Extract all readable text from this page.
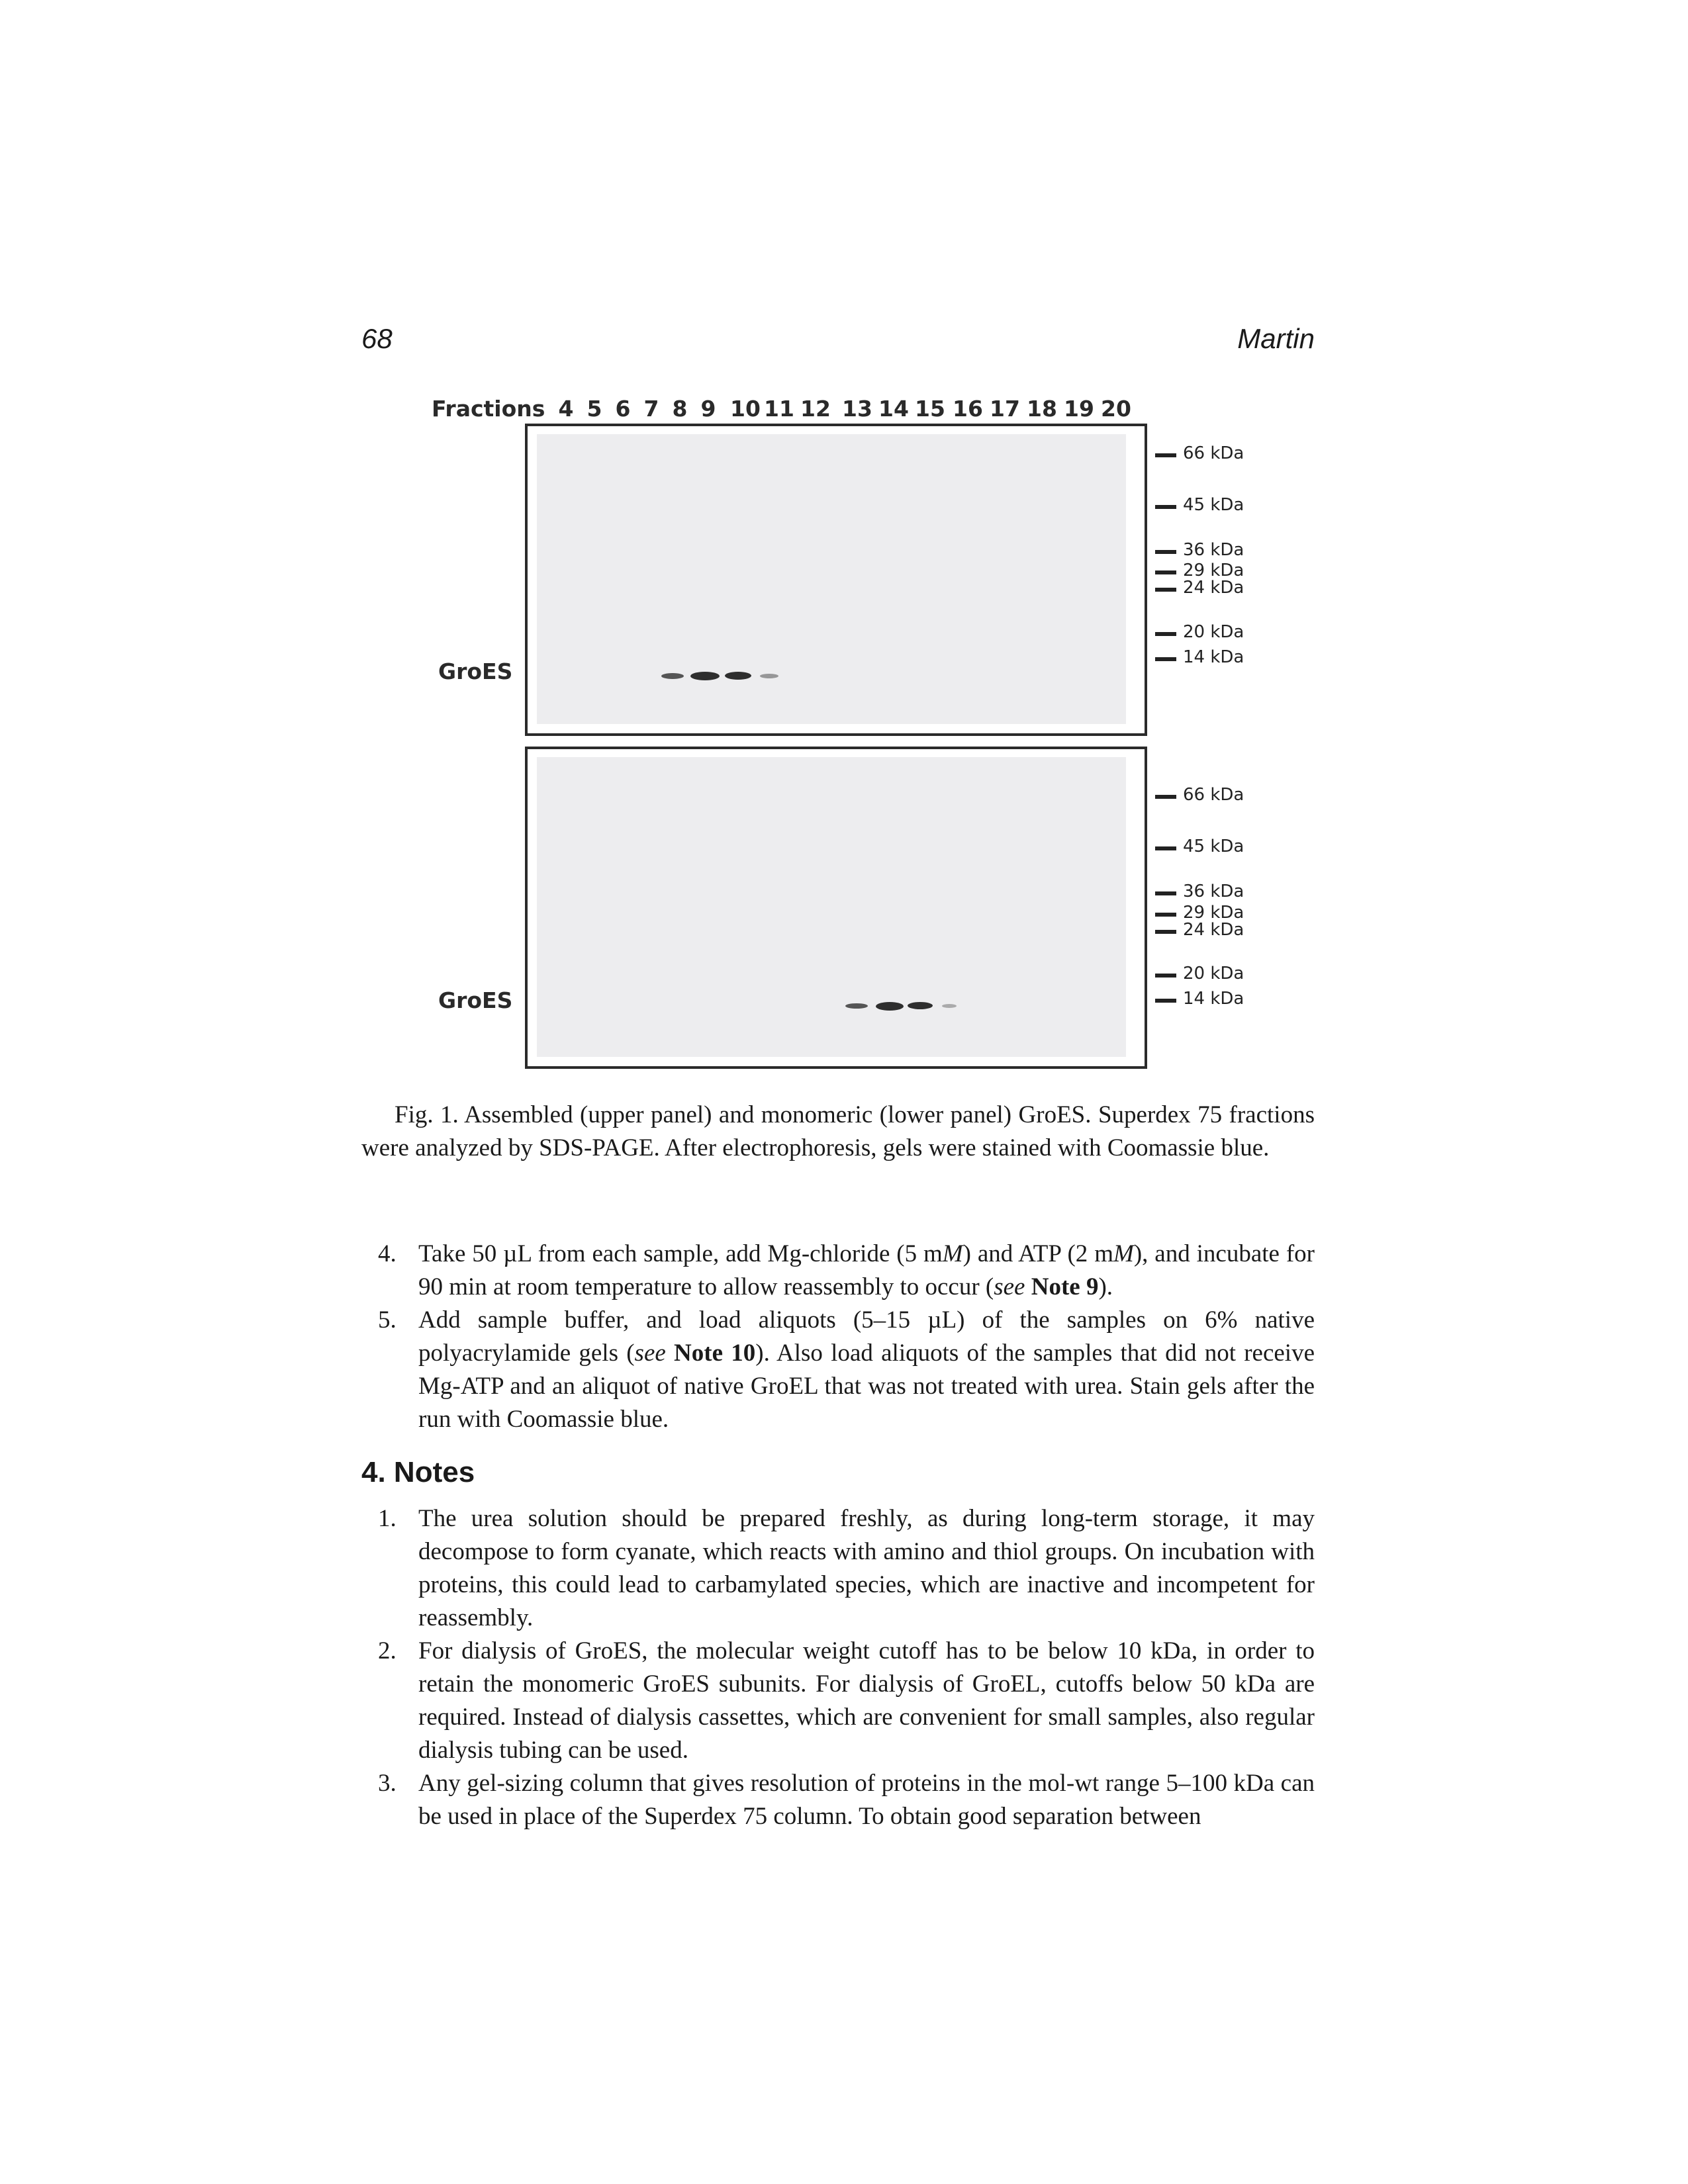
68	Martin
Fractions 4 5 6 7 8 9 10 11 12 13 14 15 16 17 18 19 20
GroES
66 kDa
45 kDa
36 kDa
29 kDa
24 kDa
20 kDa
14 kDa
GroES
66 kDa
45 kDa
36 kDa
29 kDa
24 kDa
20 kDa
14 kDa

Fig. 1. Assembled (upper panel) and monomeric (lower panel) GroES. Superdex 75 fractions were analyzed by SDS-PAGE. After electrophoresis, gels were stained with Coomassie blue.

4. Take 50 µL from each sample, add Mg-chloride (5 mM) and ATP (2 mM), and incubate for 90 min at room temperature to allow reassembly to occur (see Note 9).

5. Add sample buffer, and load aliquots (5–15 µL) of the samples on 6% native polyacrylamide gels (see Note 10). Also load aliquots of the samples that did not receive Mg-ATP and an aliquot of native GroEL that was not treated with urea. Stain gels after the run with Coomassie blue.

4. Notes

1. The urea solution should be prepared freshly, as during long-term storage, it may decompose to form cyanate, which reacts with amino and thiol groups. On incubation with proteins, this could lead to carbamylated species, which are inactive and incompetent for reassembly.

2. For dialysis of GroES, the molecular weight cutoff has to be below 10 kDa, in order to retain the monomeric GroES subunits. For dialysis of GroEL, cutoffs below 50 kDa are required. Instead of dialysis cassettes, which are convenient for small samples, also regular dialysis tubing can be used.

3. Any gel-sizing column that gives resolution of proteins in the mol-wt range 5–100 kDa can be used in place of the Superdex 75 column. To obtain good separation between
